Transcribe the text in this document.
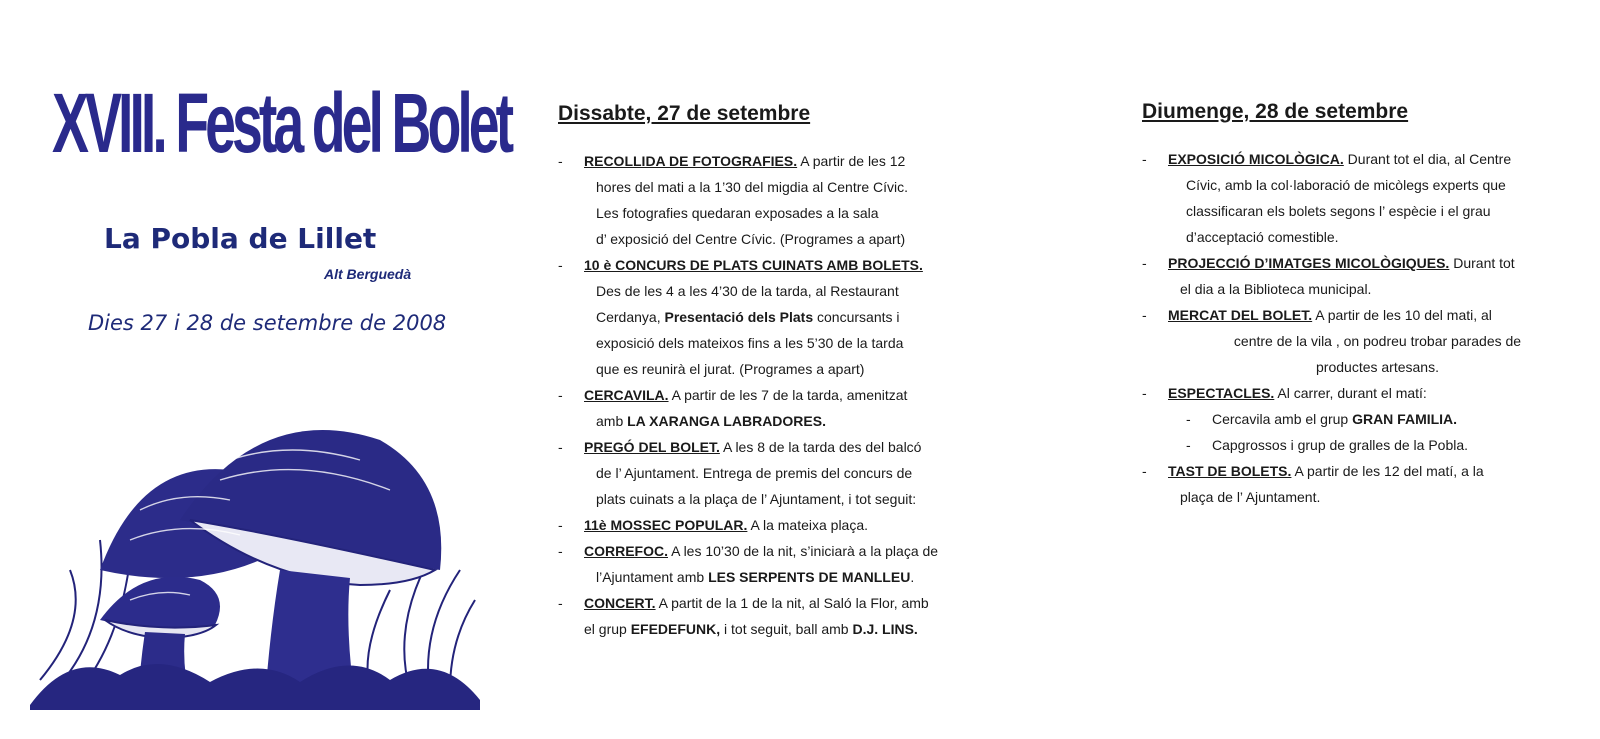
XVIII. Festa del Bolet
La Pobla de Lillet
Alt Berguedà
Dies 27 i 28 de setembre de 2008
Dissabte, 27 de setembre
- RECOLLIDA DE FOTOGRAFIES. A partir de les 12
hores del mati a la 1’30 del migdia al Centre Cívic.
Les fotografies quedaran exposades a la sala
d’ exposició del Centre Cívic. (Programes a apart)
- 10 è CONCURS DE PLATS CUINATS AMB BOLETS.
Des de les 4 a les 4’30 de la tarda, al Restaurant
Cerdanya, Presentació dels Plats concursants i
exposició dels mateixos fins a les 5’30 de la tarda
que es reunirà el jurat. (Programes a apart)
- CERCAVILA. A partir de les 7 de la tarda, amenitzat
amb LA XARANGA LABRADORES.
- PREGÓ DEL BOLET. A les 8 de la tarda des del balcó
de l’ Ajuntament. Entrega de premis del concurs de
plats cuinats a la plaça de l’ Ajuntament, i tot seguit:
- 11è MOSSEC POPULAR. A la mateixa plaça.
- CORREFOC. A les 10’30 de la nit, s’iniciarà a la plaça de
l’Ajuntament amb LES SERPENTS DE MANLLEU.
- CONCERT. A partit de la 1 de la nit, al Saló la Flor, amb
el grup EFEDEFUNK, i tot seguit, ball amb D.J. LINS.
Diumenge, 28 de setembre
- EXPOSICIÓ MICOLÒGICA. Durant tot el dia, al Centre
Cívic, amb la col·laboració de micòlegs experts que
classificaran els bolets segons l’ espècie i el grau
d’acceptació comestible.
- PROJECCIÓ D’IMATGES MICOLÒGIQUES. Durant tot
el dia a la Biblioteca municipal.
- MERCAT DEL BOLET. A partir de les 10 del mati, al
centre de la vila , on podreu trobar parades de
productes artesans.
- ESPECTACLES. Al carrer, durant el matí:
- Cercavila amb el grup GRAN FAMILIA.
- Capgrossos i grup de gralles de la Pobla.
- TAST DE BOLETS. A partir de les 12 del matí, a la
plaça de l’ Ajuntament.
